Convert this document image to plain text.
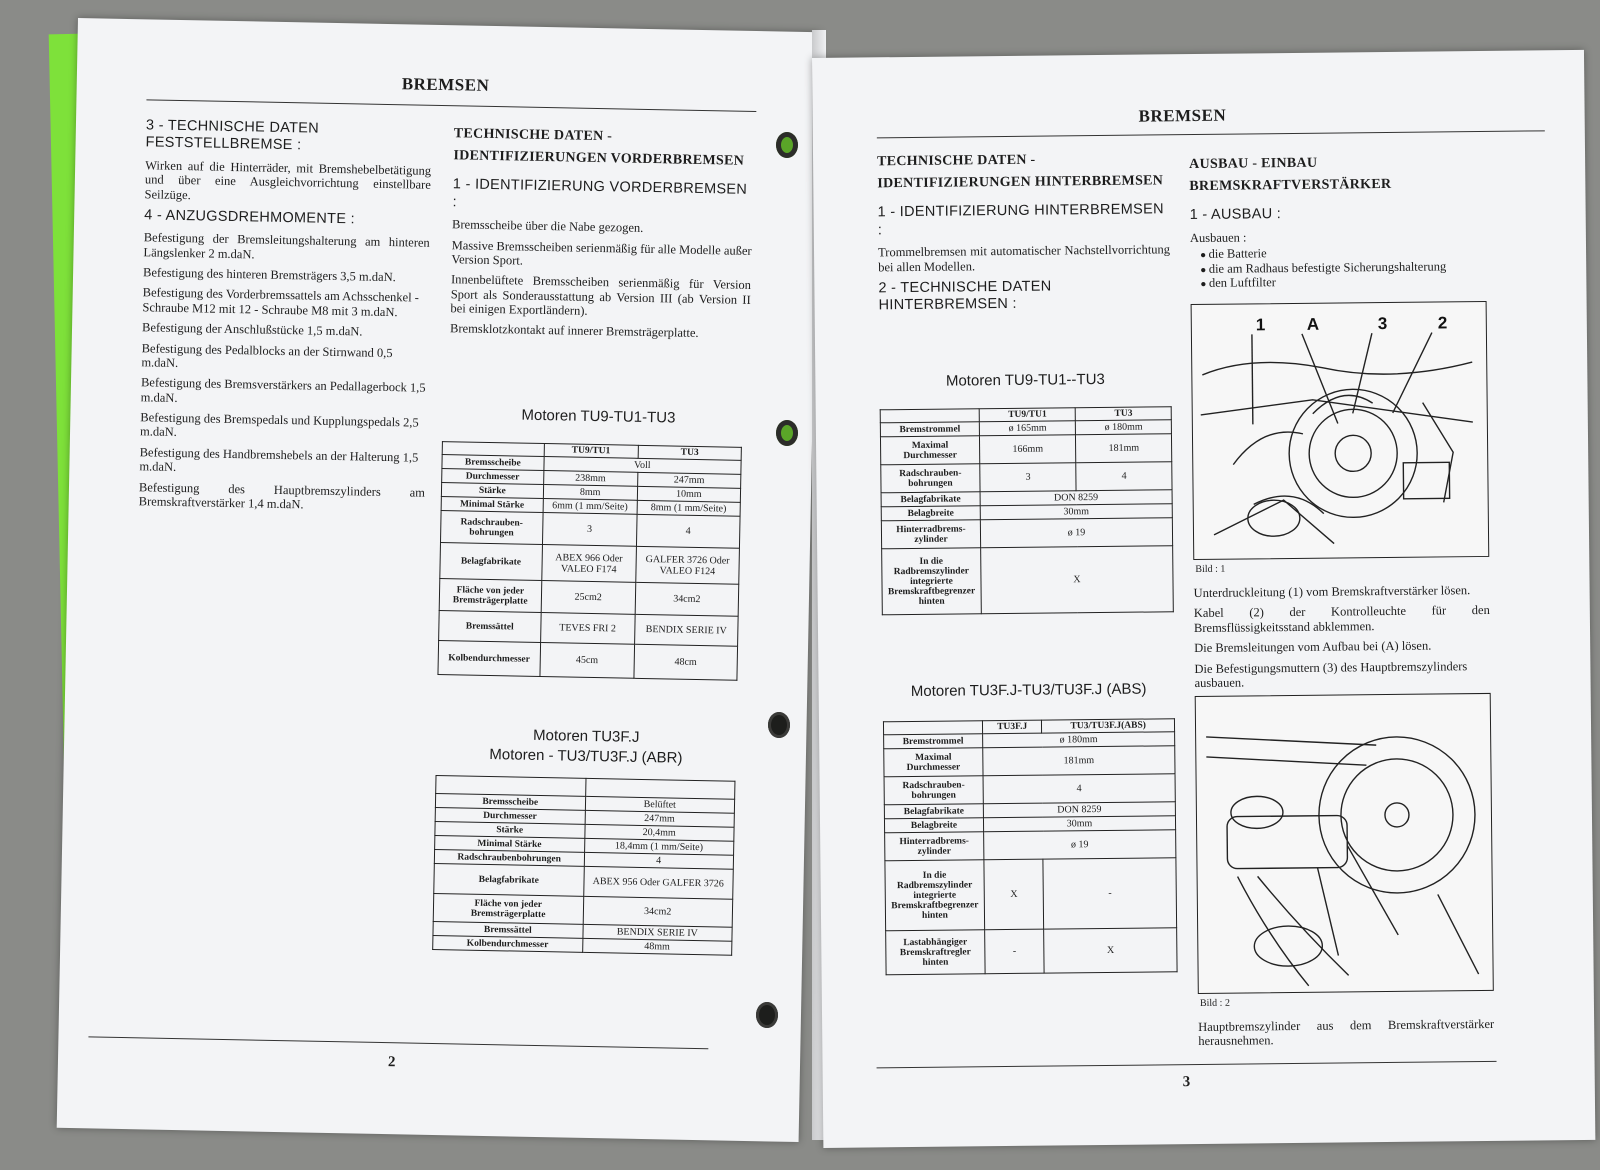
BREMSEN
3 - TECHNISCHE DATEN FESTSTELLBREMSE :
Wirken auf die Hinterräder, mit Bremshebelbetätigung und über eine Ausgleichvorrichtung einstellbare Seilzüge.
4 - ANZUGSDREHMOMENTE :
Befestigung der Bremsleitungshalterung am hinteren Längslenker 2 m.daN.
Befestigung des hinteren Bremsträgers 3,5 m.daN.
Befestigung des Vorderbremssattels am Achsschenkel - Schraube M12 mit 12 - Schraube M8 mit 3 m.daN.
Befestigung der Anschlußstücke 1,5 m.daN.
Befestigung des Pedalblocks an der Stirnwand 0,5 m.daN.
Befestigung des Bremsverstärkers an Pedallagerbock 1,5 m.daN.
Befestigung des Bremspedals und Kupplungspedals 2,5 m.daN.
Befestigung des Handbremshebels an der Halterung 1,5 m.daN.
Befestigung des Hauptbremszylinders am Bremskraftverstärker 1,4 m.daN.
TECHNISCHE DATEN - IDENTIFIZIERUNGEN VORDERBREMSEN
1 - IDENTIFIZIERUNG VORDERBREMSEN :
Bremsscheibe über die Nabe gezogen.
Massive Bremsscheiben serienmäßig für alle Modelle außer Version Sport.
Innenbelüftete Bremsscheiben serienmäßig für Version Sport als Sonderausstattung ab Version III (ab Version II bei einigen Exportländern).
Bremsklotzkontakt auf innerer Bremsträgerplatte.
Motoren TU9-TU1-TU3
	TU9/TU1	TU3
Bremsscheibe	Voll	
Durchmesser	238mm	247mm
Stärke	8mm	10mm
Minimal Stärke	6mm (1 mm/Seite)	8mm (1 mm/Seite)
Radschrauben-bohrungen	3	4
Belagfabrikate	ABEX 966 Oder VALEO F174	GALFER 3726 Oder VALEO F124
Fläche von jeder Bremsträgerplatte	25cm2	34cm2
Bremssättel	TEVES FRI 2	BENDIX SERIE IV
Kolbendurchmesser	45cm	48cm
Motoren TU3F.J
Motoren - TU3/TU3F.J (ABR)

Bremsscheibe	Belüftet
Durchmesser	247mm
Stärke	20,4mm
Minimal Stärke	18,4mm (1 mm/Seite)
Radschraubenbohrungen	4
Belagfabrikate	ABEX 956 Oder GALFER 3726
Fläche von jeder Bremsträgerplatte	34cm2
Bremssättel	BENDIX SERIE IV
Kolbendurchmesser	48mm
2
BREMSEN
TECHNISCHE DATEN - IDENTIFIZIERUNGEN HINTERBREMSEN
1 - IDENTIFIZIERUNG HINTERBREMSEN :
Trommelbremsen mit automatischer Nachstellvorrichtung bei allen Modellen.
2 - TECHNISCHE DATEN HINTERBREMSEN :
Motoren TU9-TU1--TU3
	TU9/TU1	TU3
Bremstrommel	ø 165mm	ø 180mm
Maximal Durchmesser	166mm	181mm
Radschrauben-bohrungen	3	4
Belagfabrikate	DON 8259	
Belagbreite	30mm	
Hinterradbrems-zylinder	ø 19	
In die Radbremszylinder integrierte Bremskraftbegrenzer hinten	X	
Motoren TU3F.J-TU3/TU3F.J (ABS)
	TU3F.J	TU3/TU3F.J(ABS)
Bremstrommel	ø 180mm	
Maximal Durchmesser	181mm	
Radschrauben-bohrungen	4	
Belagfabrikate	DON 8259	
Belagbreite	30mm	
Hinterradbrems-zylinder	ø 19	
In die Radbremszylinder integrierte Bremskraftbegrenzer hinten	X	-
Lastabhängiger Bremskraftregler hinten	-	X
AUSBAU - EINBAU BREMSKRAFTVERSTÄRKER
1 - AUSBAU :
Ausbauen :
● die Batterie
● die am Radhaus befestigte Sicherungshalterung
● den Luftfilter
1 A	3	2
Bild : 1
Unterdruckleitung (1) vom Bremskraftverstärker lösen.
Kabel (2) der Kontrolleuchte für den Bremsflüssigkeitsstand abklemmen.
Die Bremsleitungen vom Aufbau bei (A) lösen.
Die Befestigungsmuttern (3) des Hauptbremszylinders ausbauen.
Bild : 2
Hauptbremszylinder aus dem Bremskraftverstärker herausnehmen.
3
